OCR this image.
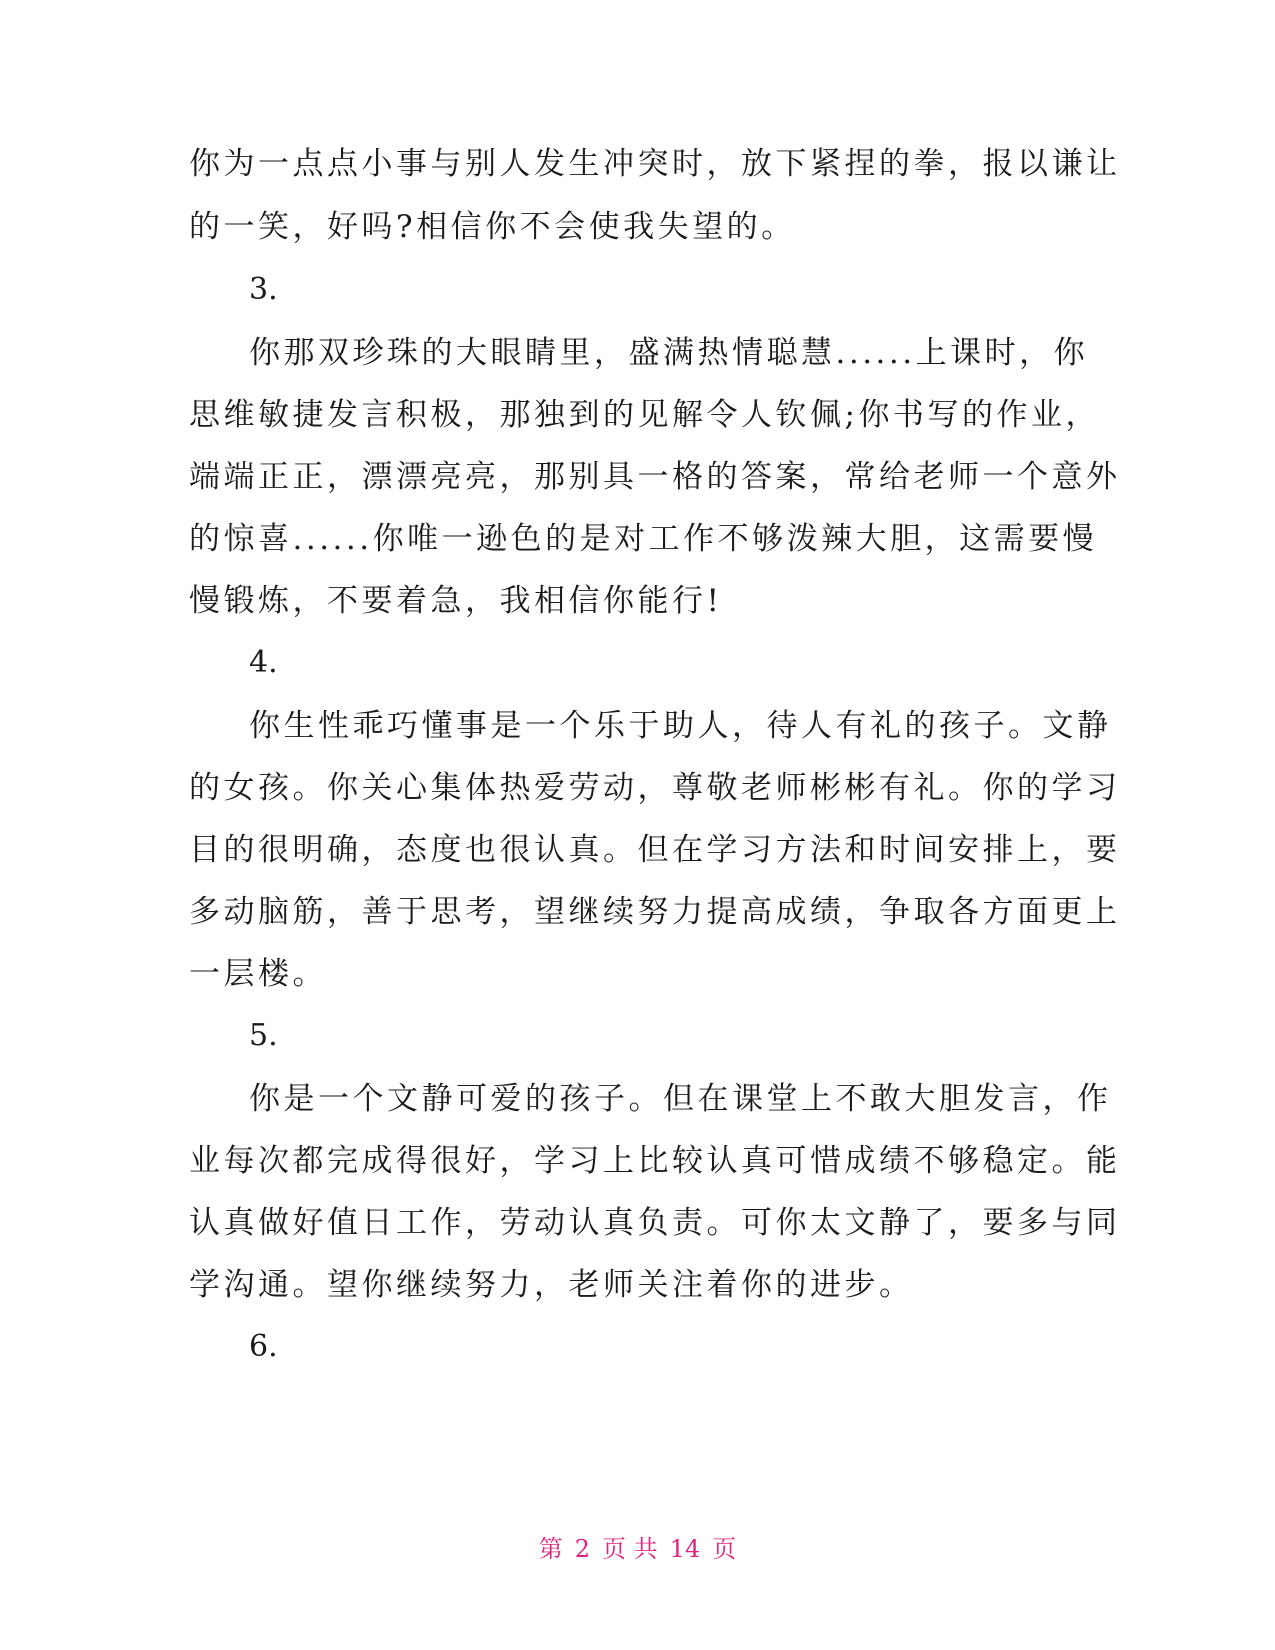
你为一点点小事与别人发生冲突时，放下紧捏的拳，报以谦让
的一笑，好吗?相信你不会使我失望的。
3.
你那双珍珠的大眼睛里，盛满热情聪慧......上课时，你
思维敏捷发言积极，那独到的见解令人钦佩;你书写的作业，
端端正正，漂漂亮亮，那别具一格的答案，常给老师一个意外
的惊喜......你唯一逊色的是对工作不够泼辣大胆，这需要慢
慢锻炼，不要着急，我相信你能行!
4.
你生性乖巧懂事是一个乐于助人，待人有礼的孩子。文静
的女孩。你关心集体热爱劳动，尊敬老师彬彬有礼。你的学习
目的很明确，态度也很认真。但在学习方法和时间安排上，要
多动脑筋，善于思考，望继续努力提高成绩，争取各方面更上
一层楼。
5.
你是一个文静可爱的孩子。但在课堂上不敢大胆发言，作
业每次都完成得很好，学习上比较认真可惜成绩不够稳定。能
认真做好值日工作，劳动认真负责。可你太文静了，要多与同
学沟通。望你继续努力，老师关注着你的进步。
6.
第 2 页 共 14 页
